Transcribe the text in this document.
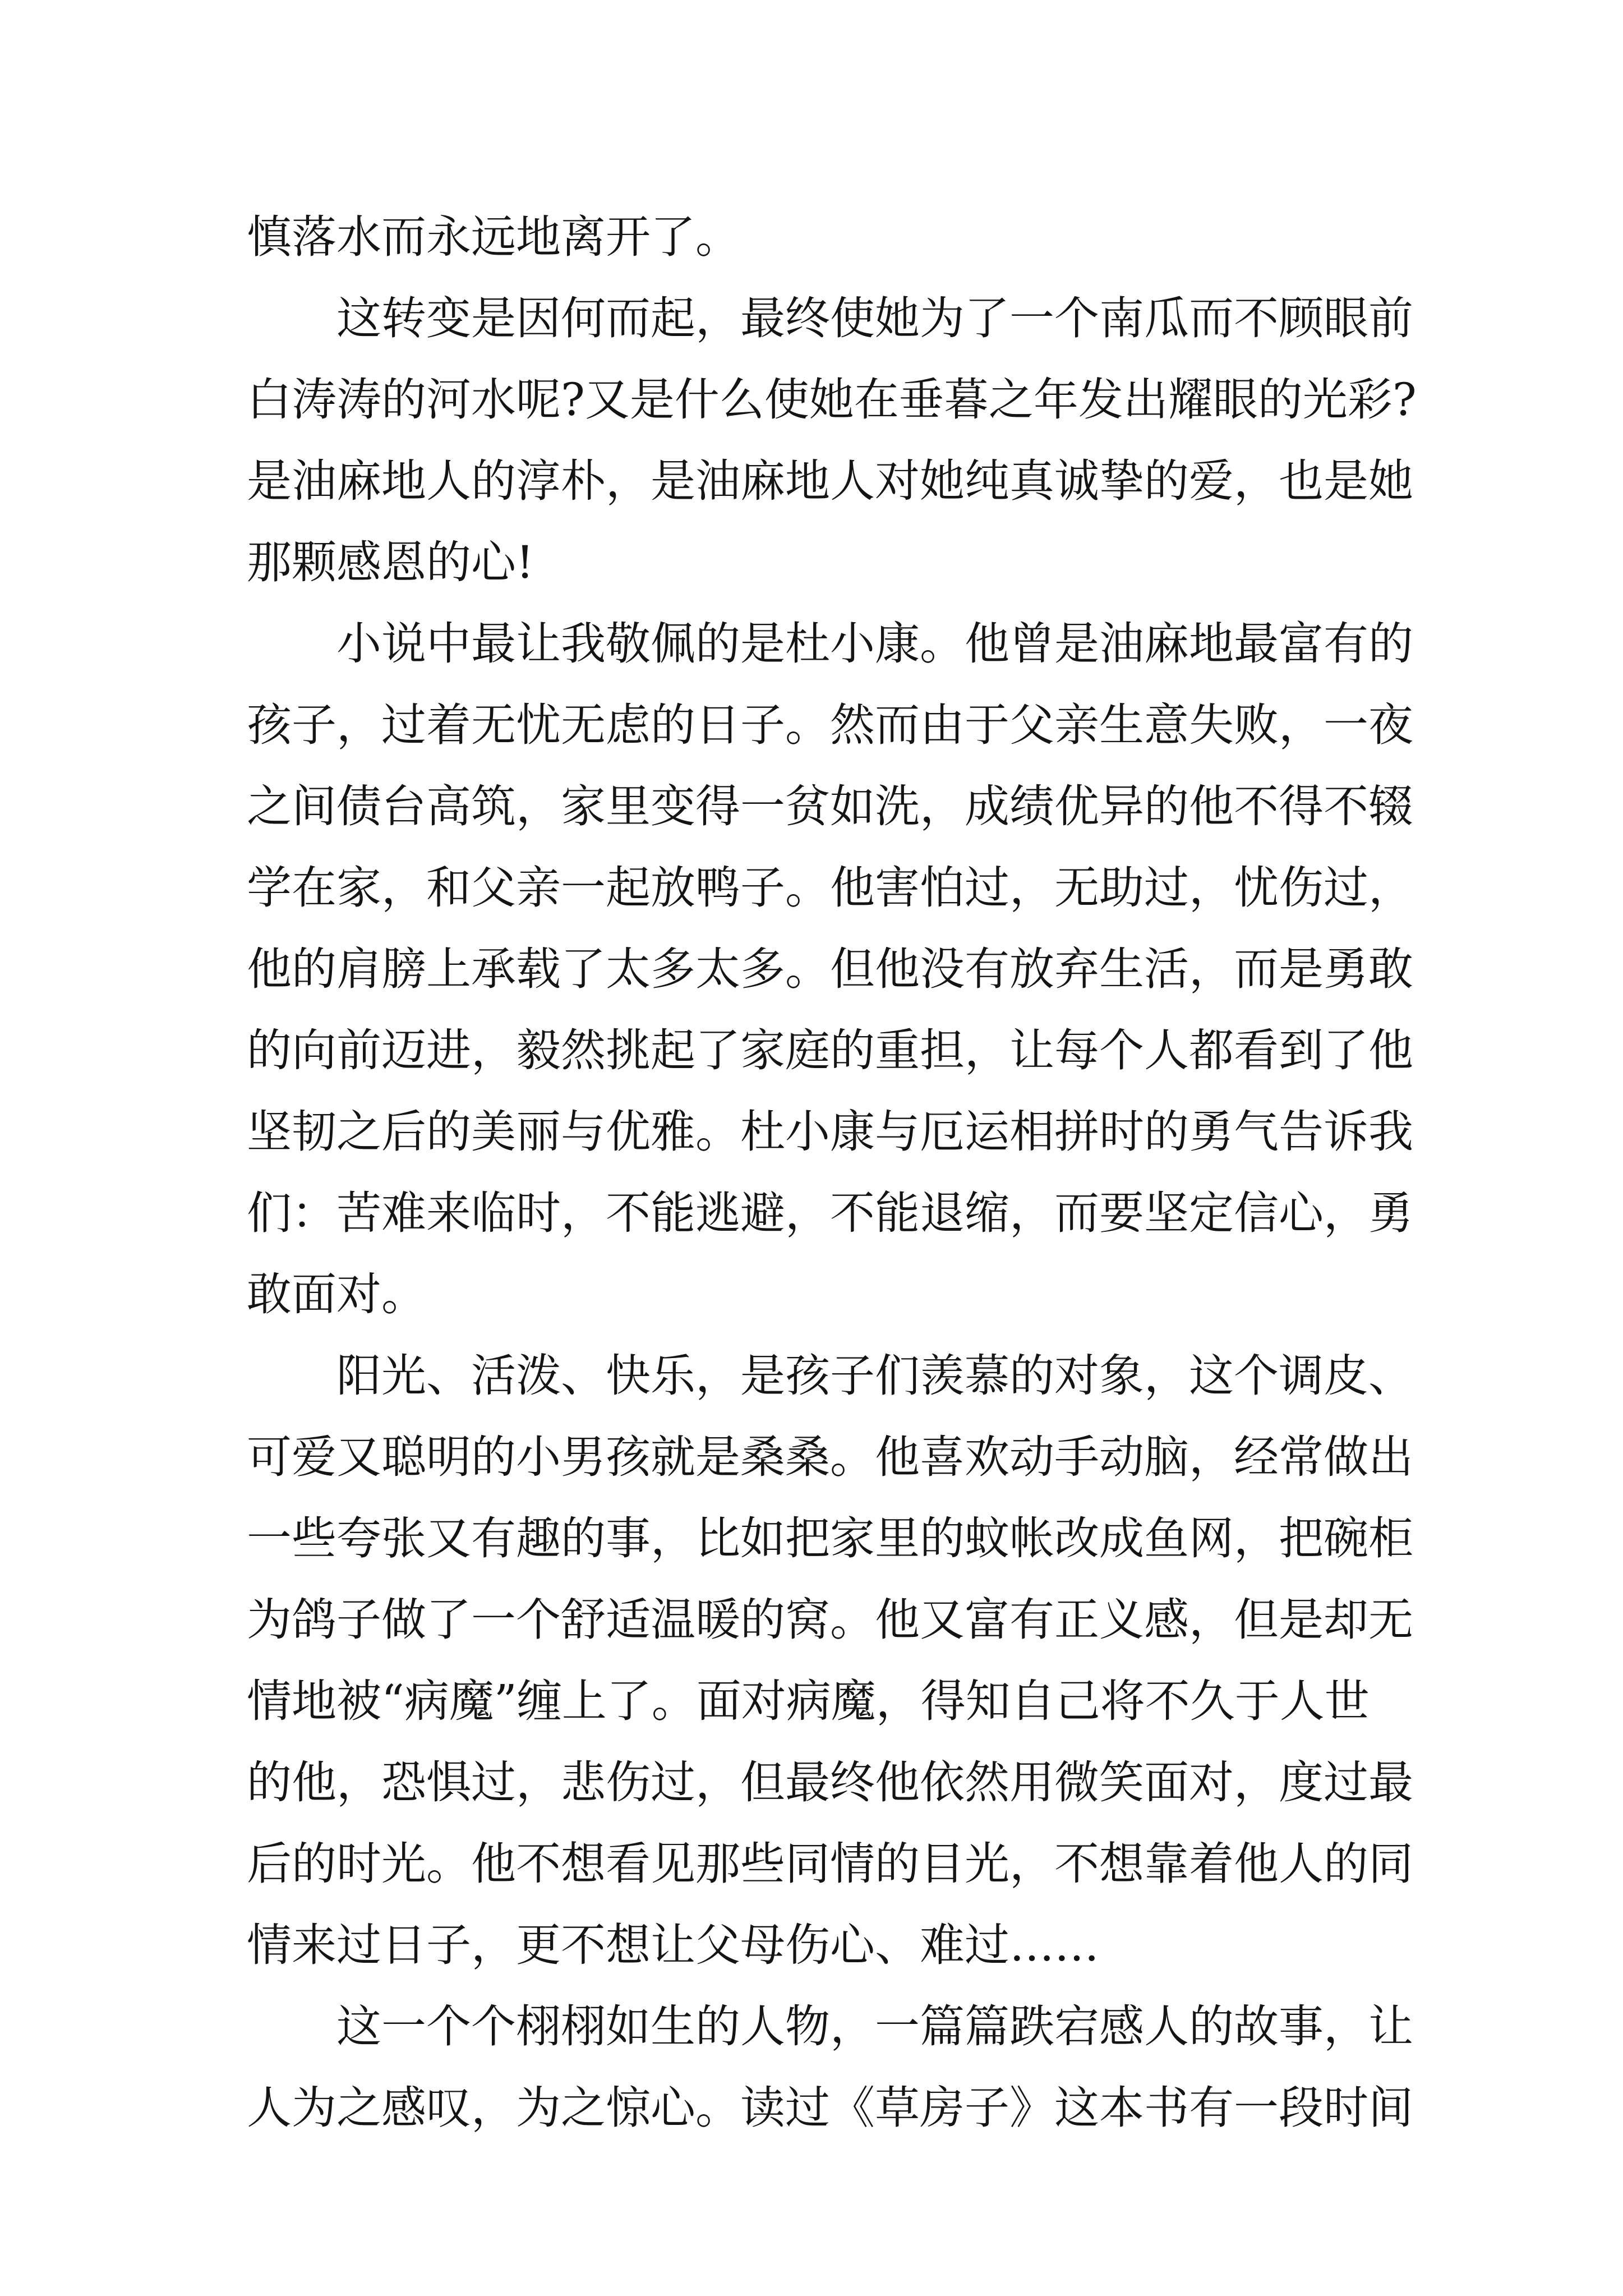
慎落水而永远地离开了。
这转变是因何而起，最终使她为了一个南瓜而不顾眼前
白涛涛的河水呢?又是什么使她在垂暮之年发出耀眼的光彩?
是油麻地人的淳朴，是油麻地人对她纯真诚挚的爱，也是她
那颗感恩的心!
小说中最让我敬佩的是杜小康。他曾是油麻地最富有的
孩子，过着无忧无虑的日子。然而由于父亲生意失败，一夜
之间债台高筑，家里变得一贫如洗，成绩优异的他不得不辍
学在家，和父亲一起放鸭子。他害怕过，无助过，忧伤过，
他的肩膀上承载了太多太多。但他没有放弃生活，而是勇敢
的向前迈进，毅然挑起了家庭的重担，让每个人都看到了他
坚韧之后的美丽与优雅。杜小康与厄运相拼时的勇气告诉我
们：苦难来临时，不能逃避，不能退缩，而要坚定信心，勇
敢面对。
阳光、活泼、快乐，是孩子们羡慕的对象，这个调皮、
可爱又聪明的小男孩就是桑桑。他喜欢动手动脑，经常做出
一些夸张又有趣的事，比如把家里的蚊帐改成鱼网，把碗柜
为鸽子做了一个舒适温暖的窝。他又富有正义感，但是却无
情地被“病魔”缠上了。面对病魔，得知自己将不久于人世
的他，恐惧过，悲伤过，但最终他依然用微笑面对，度过最
后的时光。他不想看见那些同情的目光，不想靠着他人的同
情来过日子，更不想让父母伤心、难过……
这一个个栩栩如生的人物，一篇篇跌宕感人的故事，让
人为之感叹，为之惊心。读过《草房子》这本书有一段时间
